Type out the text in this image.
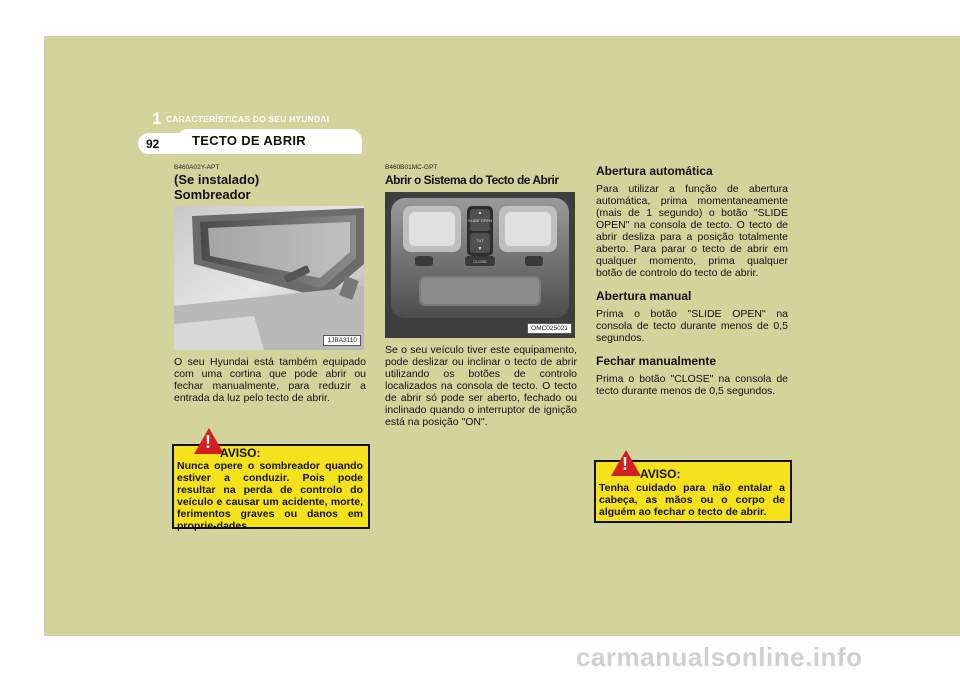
1 CARACTERÍSTICAS DO SEU HYUNDAI
92	TECTO DE ABRIR

B460A02Y-APT

(Se instalado)
Sombreador
1JBA3110

O seu Hyundai está também equipado com uma cortina que pode abrir ou fechar manualmente, para reduzir a entrada da luz pelo tecto de abrir.

!
AVISO:
Nunca opere o sombreador quando estiver a conduzir. Pois pode resultar na perda de controlo do veículo e causar um acidente, morte, ferimentos graves ou danos em proprie-dades.

B460B01MC-GPT

Abrir o Sistema do Tecto de Abrir
▲
SLIDE OPEN
TILT
▼
CLOSE
OMC025021

Se o seu veículo tiver este equipamento, pode deslizar ou inclinar o tecto de abrir utilizando os botões de controlo localizados na consola de tecto. O tecto de abrir só pode ser aberto, fechado ou inclinado quando o interruptor de ignição está na posição "ON".

Abertura automática

Para utilizar a função de abertura automática, prima momentaneamente (mais de 1 segundo) o botão "SLIDE OPEN" na consola de tecto. O tecto de abrir desliza para a posição totalmente aberto. Para parar o tecto de abrir em qualquer momento, prima qualquer botão de controlo do tecto de abrir.

Abertura manual

Prima o botão "SLIDE OPEN" na consola de tecto durante menos de 0,5 segundos.

Fechar manualmente

Prima o botão "CLOSE" na consola de tecto durante menos de 0,5 segundos.

! AVISO:
Tenha cuidado para não entalar a cabeça, as mãos ou o corpo de alguém ao fechar o tecto de abrir.
carmanualsonline.info
